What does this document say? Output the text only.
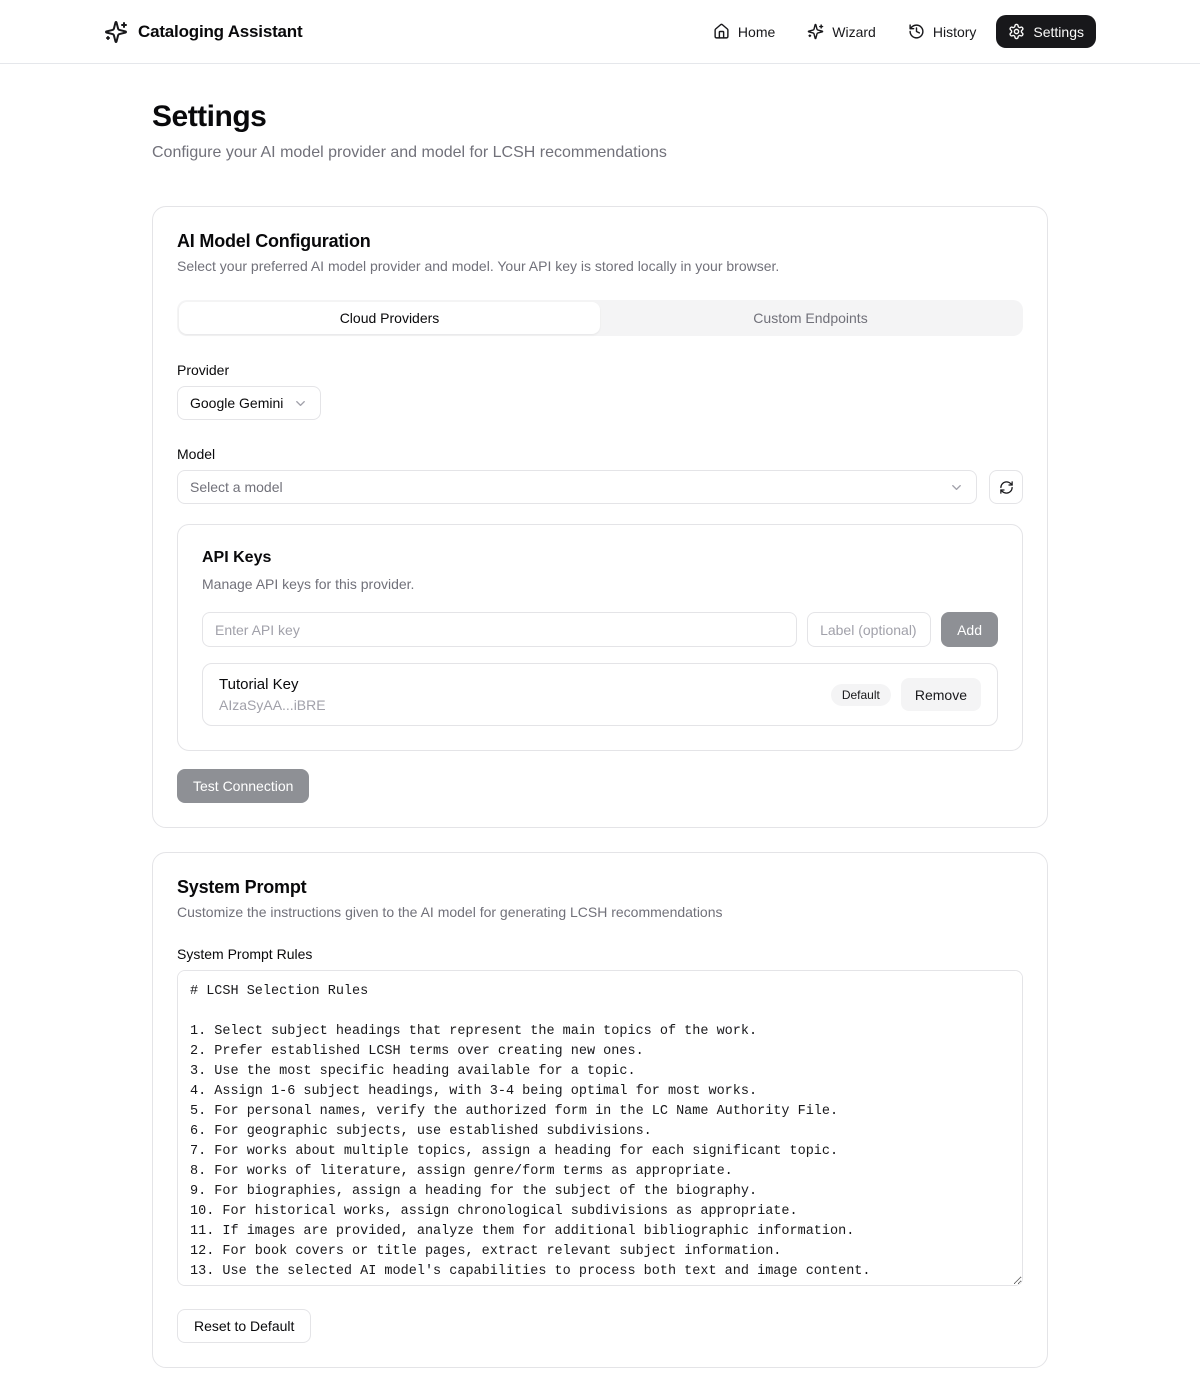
Cataloging Assistant	Home	Wizard	History	Settings
Settings

Configure your AI model provider and model for LCSH recommendations

AI Model Configuration

Select your preferred AI model provider and model. Your API key is stored locally in your browser.

Cloud Providers	Custom Endpoints
Provider
Google Gemini
Model
Select a model
API Keys

Manage API keys for this provider.

Enter API key
Label (optional)
Add
Tutorial Key
AIzaSyAA...iBRE
Default	Remove
Test Connection
System Prompt

Customize the instructions given to the AI model for generating LCSH recommendations

System Prompt Rules
# LCSH Selection Rules 1. Select subject headings that represent the main topics of the work. 2. Prefer established LCSH terms over creating new ones. 3. Use the most specific heading available for a topic. 4. Assign 1-6 subject headings, with 3-4 being optimal for most works. 5. For personal names, verify the authorized form in the LC Name Authority File. 6. For geographic subjects, use established subdivisions. 7. For works about multiple topics, assign a heading for each significant topic. 8. For works of literature, assign genre/form terms as appropriate. 9. For biographies, assign a heading for the subject of the biography. 10. For historical works, assign chronological subdivisions as appropriate. 11. If images are provided, analyze them for additional bibliographic information. 12. For book covers or title pages, extract relevant subject information. 13. Use the selected AI model's capabilities to process both text and image content. Reset to Default
